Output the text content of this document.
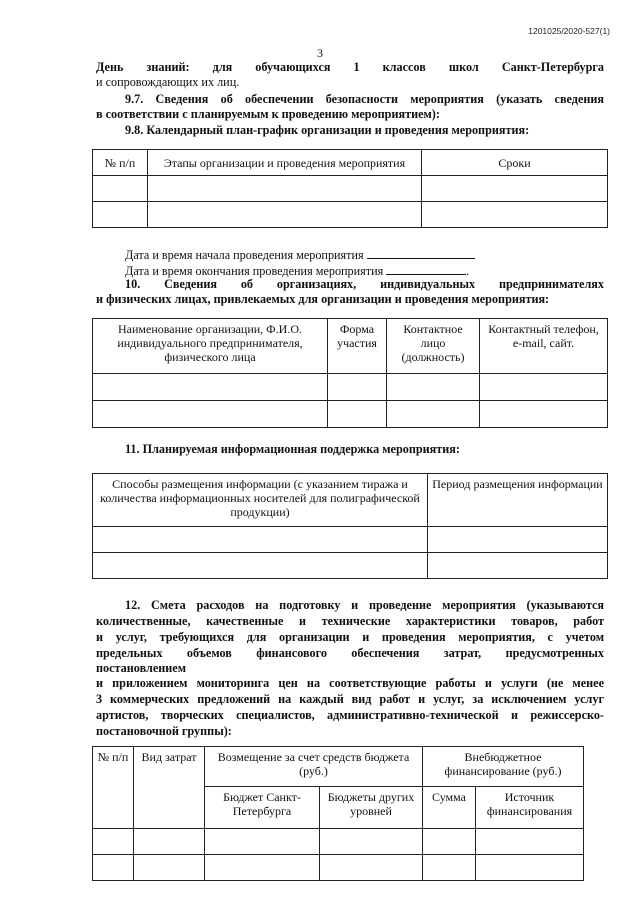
1201025/2020-527(1)
3
День знаний: для обучающихся 1 классов школ Санкт-Петербурга
и сопровождающих их лиц.
9.7. Сведения об обеспечении безопасности мероприятия (указать сведения
в соответствии с планируемым к проведению мероприятием):
9.8. Календарный план-график организации и проведения мероприятия:
№ п/п	Этапы организации и проведения мероприятия	Сроки

Дата и время начала проведения мероприятия
Дата и время окончания проведения мероприятия	.
10. Сведения об организациях, индивидуальных предпринимателях
и физических лицах, привлекаемых для организации и проведения мероприятия:
Наименование организации, Ф.И.О. индивидуального предпринимателя, физического лица	Форма участия	Контактное лицо (должность)	Контактный телефон, e-mail, сайт.

11. Планируемая информационная поддержка мероприятия:
Способы размещения информации (с указанием тиража и количества информационных носителей для полиграфической продукции)	Период размещения информации

12. Смета расходов на подготовку и проведение мероприятия (указываются
количественные, качественные и технические характеристики товаров, работ
и услуг, требующихся для организации и проведения мероприятия, с учетом
предельных объемов финансового обеспечения затрат, предусмотренных
постановлением
и приложением мониторинга цен на соответствующие работы и услуги (не менее
3 коммерческих предложений на каждый вид работ и услуг, за исключением услуг
артистов, творческих специалистов, административно-технической и режиссерско-
постановочной группы):
№ п/п	Вид затрат	Возмещение за счет средств бюджета (руб.)		Внебюджетное финансирование (руб.)	
		Бюджет Санкт-Петербурга	Бюджеты других уровней	Сумма	Источник финансирования
